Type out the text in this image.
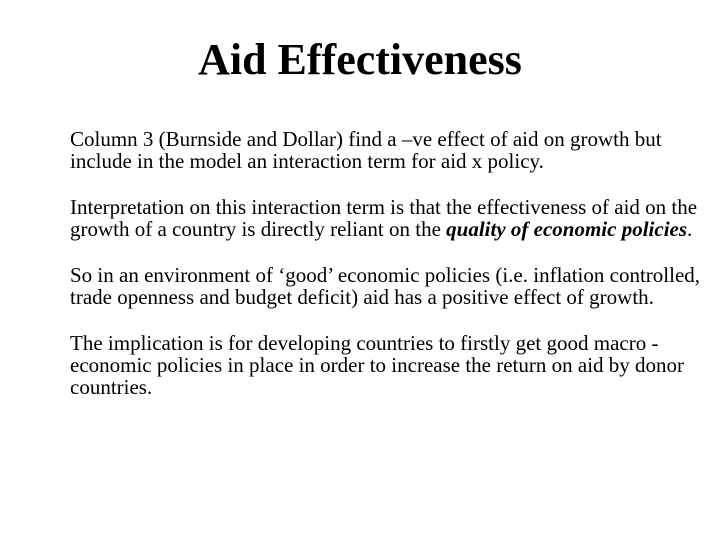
Aid Effectiveness

Column 3 (Burnside and Dollar) find a –ve effect of aid on growth but include in the model an interaction term for aid x policy.

Interpretation on this interaction term is that the effectiveness of aid on the growth of a country is directly reliant on the quality of economic policies.

So in an environment of ‘good’ economic policies (i.e. inflation controlled, trade openness and budget deficit) aid has a positive effect of growth.

The implication is for developing countries to firstly get good macro -economic policies in place in order to increase the return on aid by donor countries.
